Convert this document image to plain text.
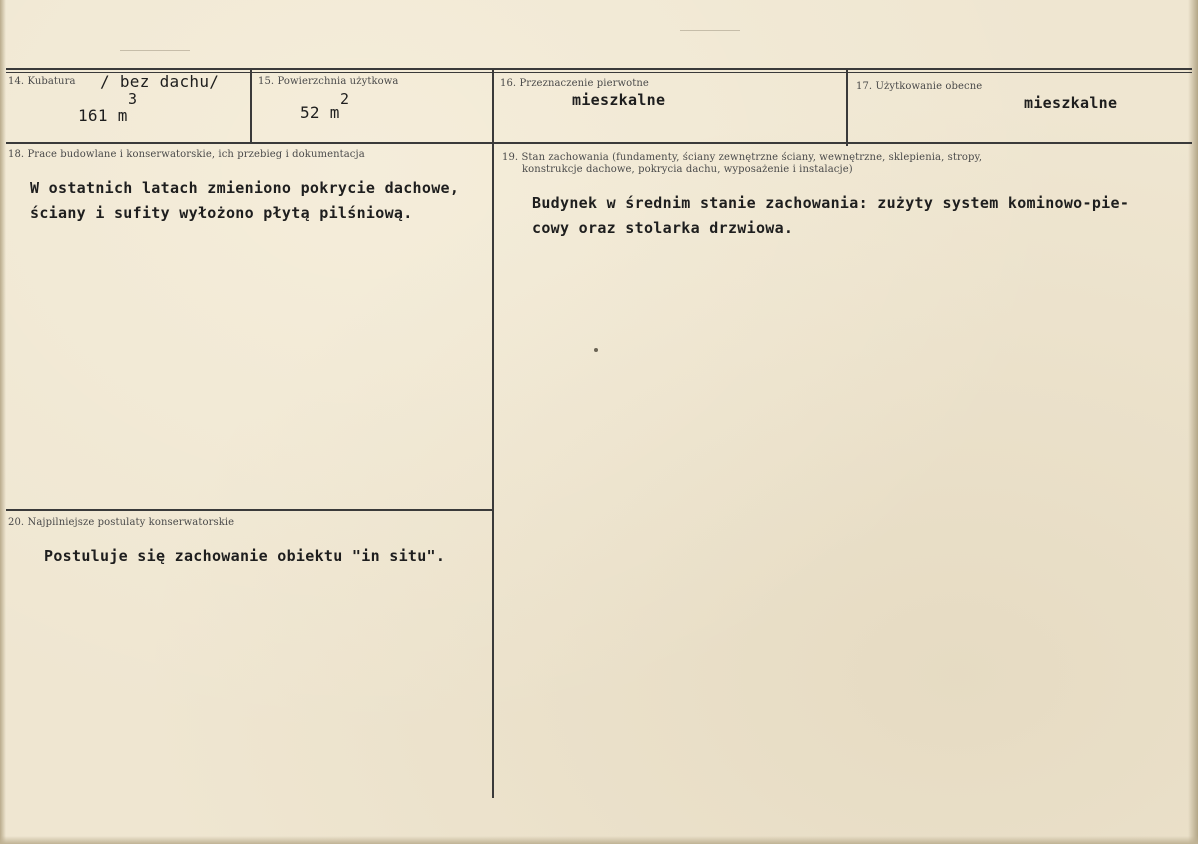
14. Kubatura / bez dachu/
3
161 m
15. Powierzchnia użytkowa
2
52 m
16. Przeznaczenie pierwotne
mieszkalne
17. Użytkowanie obecne
mieszkalne
18. Prace budowlane i konserwatorskie, ich przebieg i dokumentacja
W ostatnich latach zmieniono pokrycie dachowe,
ściany i sufity wyłożono płytą pilśniową.
19. Stan zachowania (fundamenty, ściany zewnętrzne ściany, wewnętrzne, sklepienia, stropy,
konstrukcje dachowe, pokrycia dachu, wyposażenie i instalacje)
Budynek w średnim stanie zachowania: zużyty system kominowo-pie-
cowy oraz stolarka drzwiowa.
20. Najpilniejsze postulaty konserwatorskie
Postuluje się zachowanie obiektu "in situ".
